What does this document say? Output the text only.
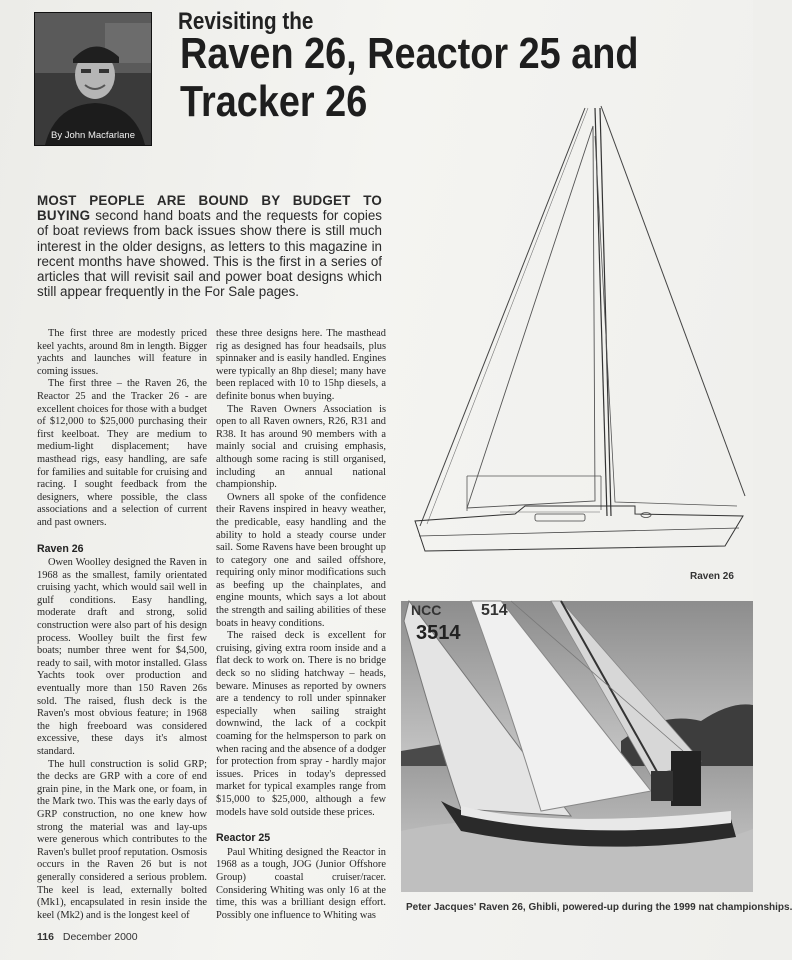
By John Macfarlane
Revisiting the
Raven 26, Reactor 25 and
Tracker 26
MOST PEOPLE ARE BOUND BY BUDGET TO BUYING second hand boats and the requests for copies of boat reviews from back issues show there is still much interest in the older designs, as letters to this magazine in recent months have showed. This is the first in a series of articles that will revisit sail and power boat designs which still appear frequently in the For Sale pages.

The first three are modestly priced keel yachts, around 8m in length. Bigger yachts and launches will feature in coming issues.

The first three – the Raven 26, the Reactor 25 and the Tracker 26 - are excellent choices for those with a budget of $12,000 to $25,000 purchasing their first keelboat. They are medium to medium-light displacement; have masthead rigs, easy handling, are safe for families and suitable for cruising and racing. I sought feedback from the designers, where possible, the class associations and a selection of current and past owners.

Raven 26

Owen Woolley designed the Raven in 1968 as the smallest, family orientated cruising yacht, which would sail well in gulf conditions. Easy handling, moderate draft and strong, solid construction were also part of his design process. Woolley built the first few boats; number three went for $4,500, ready to sail, with motor installed. Glass Yachts took over production and eventually more than 150 Raven 26s sold. The raised, flush deck is the Raven's most obvious feature; in 1968 the high freeboard was considered excessive, these days it's almost standard.

The hull construction is solid GRP; the decks are GRP with a core of end grain pine, in the Mark one, or foam, in the Mark two. This was the early days of GRP construction, no one knew how strong the material was and lay-ups were generous which contributes to the Raven's bullet proof reputation. Osmosis occurs in the Raven 26 but is not generally considered a serious problem. The keel is lead, externally bolted (Mk1), encapsulated in resin inside the keel (Mk2) and is the longest keel of

these three designs here. The masthead rig as designed has four headsails, plus spinnaker and is easily handled. Engines were typically an 8hp diesel; many have been replaced with 10 to 15hp diesels, a definite bonus when buying.

The Raven Owners Association is open to all Raven owners, R26, R31 and R38. It has around 90 members with a mainly social and cruising emphasis, although some racing is still organised, including an annual national championship.

Owners all spoke of the confidence their Ravens inspired in heavy weather, the predicable, easy handling and the ability to hold a steady course under sail. Some Ravens have been brought up to category one and sailed offshore, requiring only minor modifications such as beefing up the chainplates, and engine mounts, which says a lot about the strength and sailing abilities of these boats in heavy conditions.

The raised deck is excellent for cruising, giving extra room inside and a flat deck to work on. There is no bridge deck so no sliding hatchway – heads, beware. Minuses as reported by owners are a tendency to roll under spinnaker especially when sailing straight downwind, the lack of a cockpit coaming for the helmsperson to park on when racing and the absence of a dodger for protection from spray - hardly major issues. Prices in today's depressed market for typical examples range from $15,000 to $25,000, although a few models have sold outside these prices.

Reactor 25

Paul Whiting designed the Reactor in 1968 as a tough, JOG (Junior Offshore Group) coastal cruiser/racer. Considering Whiting was only 16 at the time, this was a brilliant design effort. Possibly one influence to Whiting was

Raven 26
3514
NCC 514
Peter Jacques' Raven 26, Ghibli, powered-up during the 1999 nat championships.
116 December 2000
